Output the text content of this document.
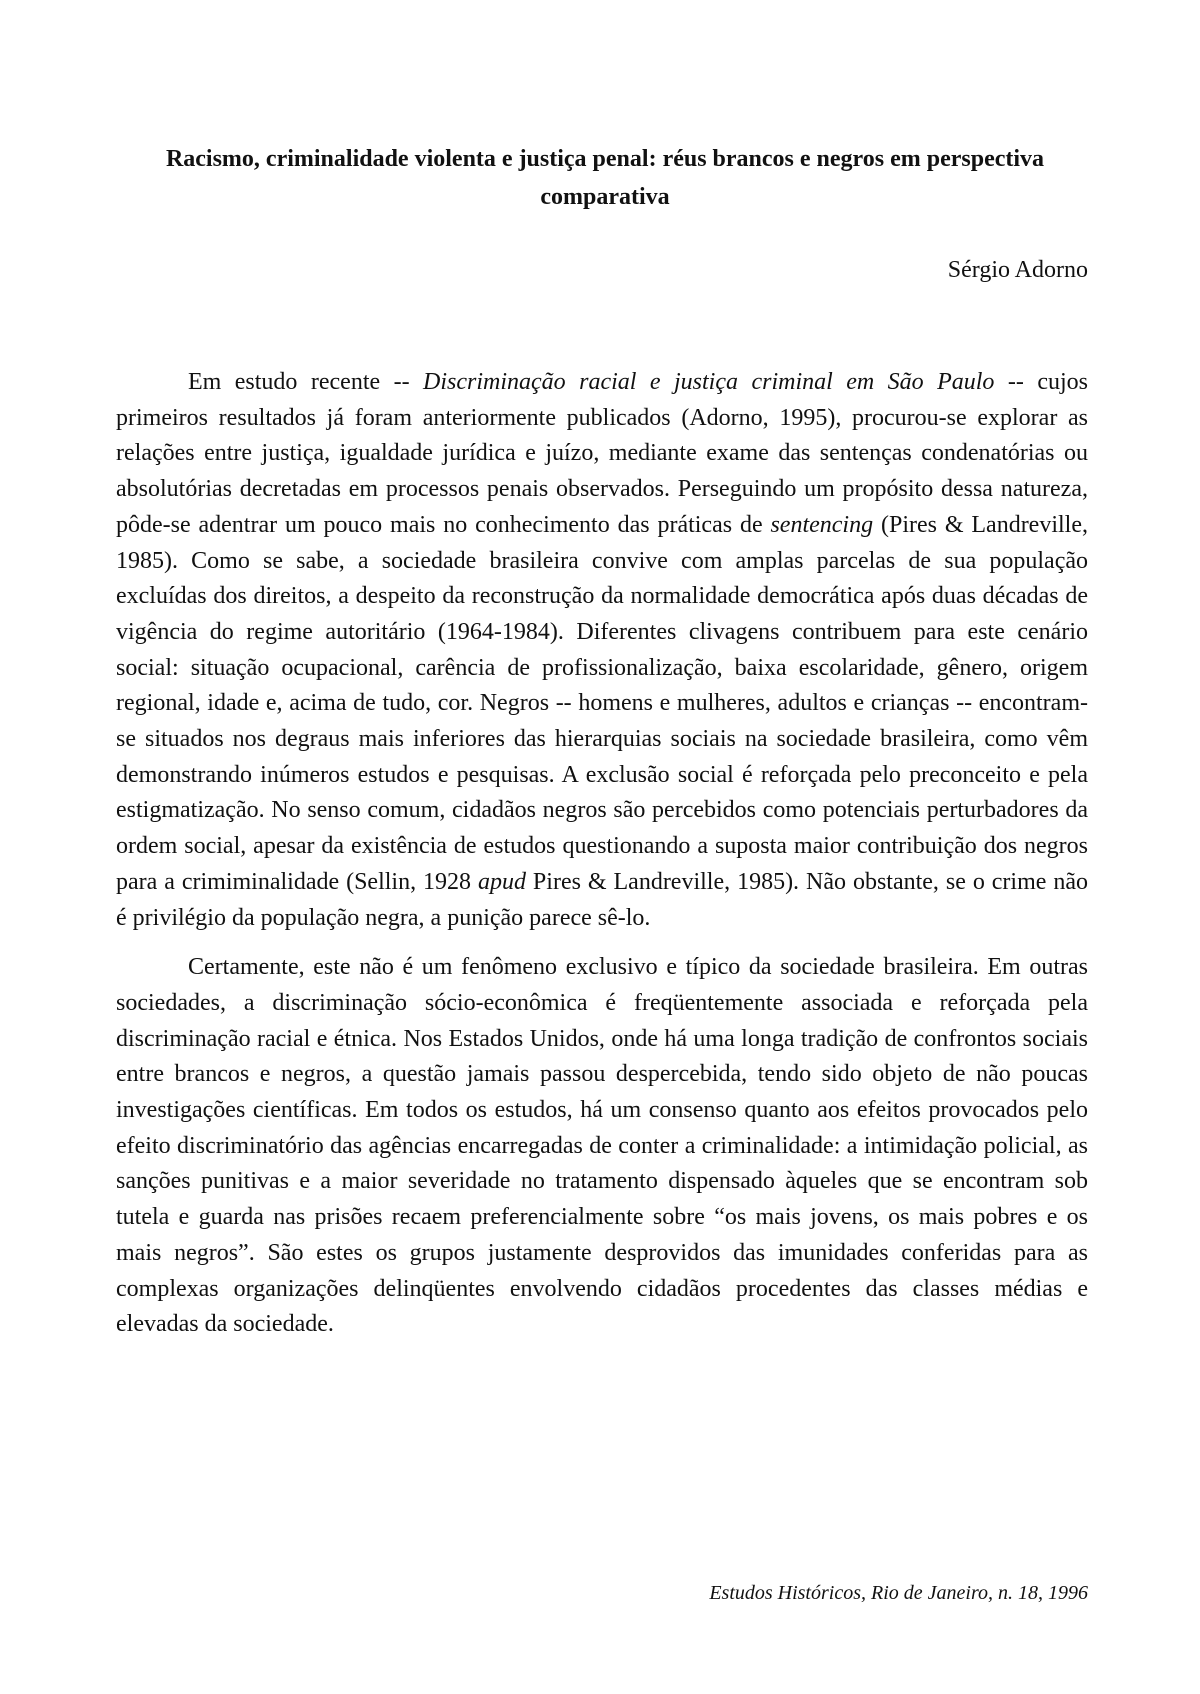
Racismo, criminalidade violenta e justiça penal: réus brancos e negros em perspectiva comparativa

Sérgio Adorno

Em estudo recente -- Discriminação racial e justiça criminal em São Paulo -- cujos primeiros resultados já foram anteriormente publicados (Adorno, 1995), procurou-se explorar as relações entre justiça, igualdade jurídica e juízo, mediante exame das sentenças condenatórias ou absolutórias decretadas em processos penais observados. Perseguindo um propósito dessa natureza, pôde-se adentrar um pouco mais no conhecimento das práticas de sentencing (Pires & Landreville, 1985). Como se sabe, a sociedade brasileira convive com amplas parcelas de sua população excluídas dos direitos, a despeito da reconstrução da normalidade democrática após duas décadas de vigência do regime autoritário (1964-1984). Diferentes clivagens contribuem para este cenário social: situação ocupacional, carência de profissionalização, baixa escolaridade, gênero, origem regional, idade e, acima de tudo, cor. Negros -- homens e mulheres, adultos e crianças -- encontram-se situados nos degraus mais inferiores das hierarquias sociais na sociedade brasileira, como vêm demonstrando inúmeros estudos e pesquisas. A exclusão social é reforçada pelo preconceito e pela estigmatização. No senso comum, cidadãos negros são percebidos como potenciais perturbadores da ordem social, apesar da existência de estudos questionando a suposta maior contribuição dos negros para a crimiminalidade (Sellin, 1928 apud Pires & Landreville, 1985). Não obstante, se o crime não é privilégio da população negra, a punição parece sê-lo.

Certamente, este não é um fenômeno exclusivo e típico da sociedade brasileira. Em outras sociedades, a discriminação sócio-econômica é freqüentemente associada e reforçada pela discriminação racial e étnica. Nos Estados Unidos, onde há uma longa tradição de confrontos sociais entre brancos e negros, a questão jamais passou despercebida, tendo sido objeto de não poucas investigações científicas. Em todos os estudos, há um consenso quanto aos efeitos provocados pelo efeito discriminatório das agências encarregadas de conter a criminalidade: a intimidação policial, as sanções punitivas e a maior severidade no tratamento dispensado àqueles que se encontram sob tutela e guarda nas prisões recaem preferencialmente sobre “os mais jovens, os mais pobres e os mais negros”. São estes os grupos justamente desprovidos das imunidades conferidas para as complexas organizações delinqüentes envolvendo cidadãos procedentes das classes médias e elevadas da sociedade.

Estudos Históricos, Rio de Janeiro, n. 18, 1996
